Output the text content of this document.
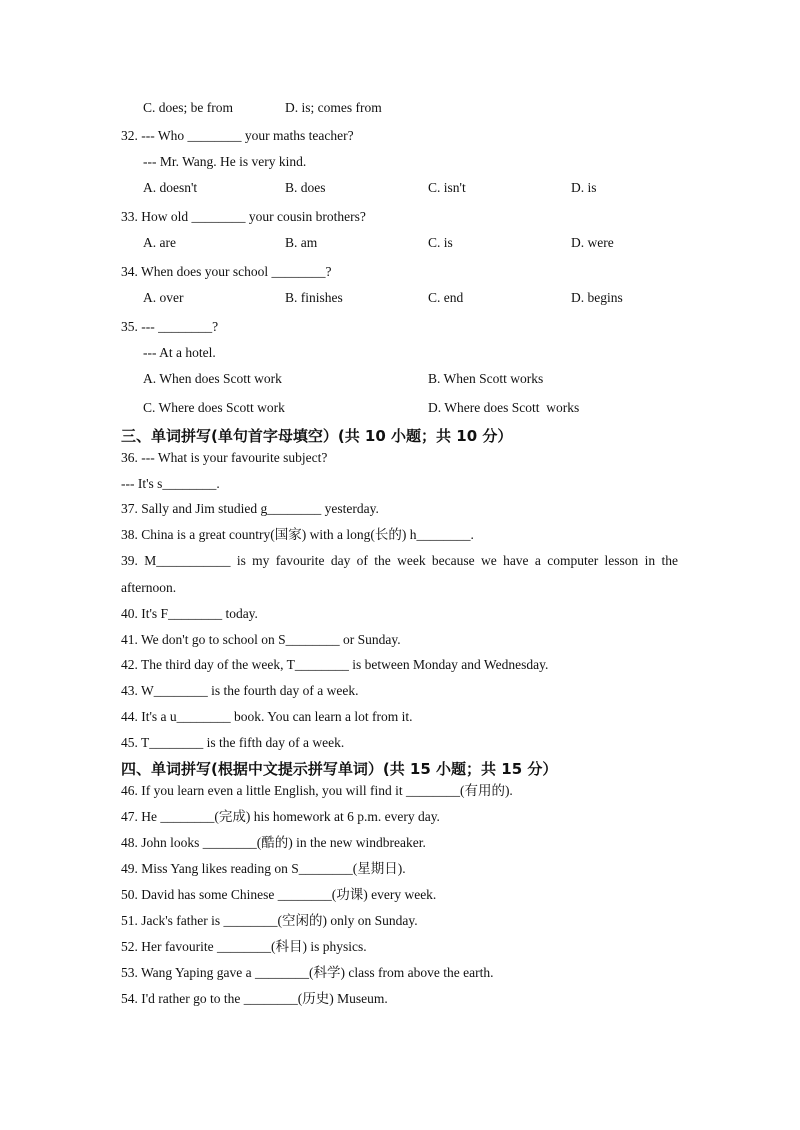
C. does; be from	D. is; comes from
32. --- Who ________ your maths teacher?
--- Mr. Wang. He is very kind.
A. doesn't	B. does	C. isn't	D. is
33. How old ________ your cousin brothers?
A. are	B. am	C. is	D. were
34. When does your school ________?
A. over	B. finishes	C. end	D. begins
35. --- ________?
--- At a hotel.
A. When does Scott work	B. When Scott works
C. Where does Scott work	D. Where does Scott  works
三、单词拼写(单句首字母填空）(共 10 小题；共 10 分）
36. --- What is your favourite subject?
--- It's s________.
37. Sally and Jim studied g________ yesterday.
38. China is a great country(国家) with a long(长的) h________.
39. M___________ is my favourite day of the week because we have a computer lesson in the
afternoon.
40. It's F________ today.
41. We don't go to school on S________ or Sunday.
42. The third day of the week, T________ is between Monday and Wednesday.
43. W________ is the fourth day of a week.
44. It's a u________ book. You can learn a lot from it.
45. T________ is the fifth day of a week.
四、单词拼写(根据中文提示拼写单词）(共 15 小题；共 15 分）
46. If you learn even a little English, you will find it ________(有用的).
47. He ________(完成) his homework at 6 p.m. every day.
48. John looks ________(酷的) in the new windbreaker.
49. Miss Yang likes reading on S________(星期日).
50. David has some Chinese ________(功课) every week.
51. Jack's father is ________(空闲的) only on Sunday.
52. Her favourite ________(科目) is physics.
53. Wang Yaping gave a ________(科学) class from above the earth.
54. I'd rather go to the ________(历史) Museum.
